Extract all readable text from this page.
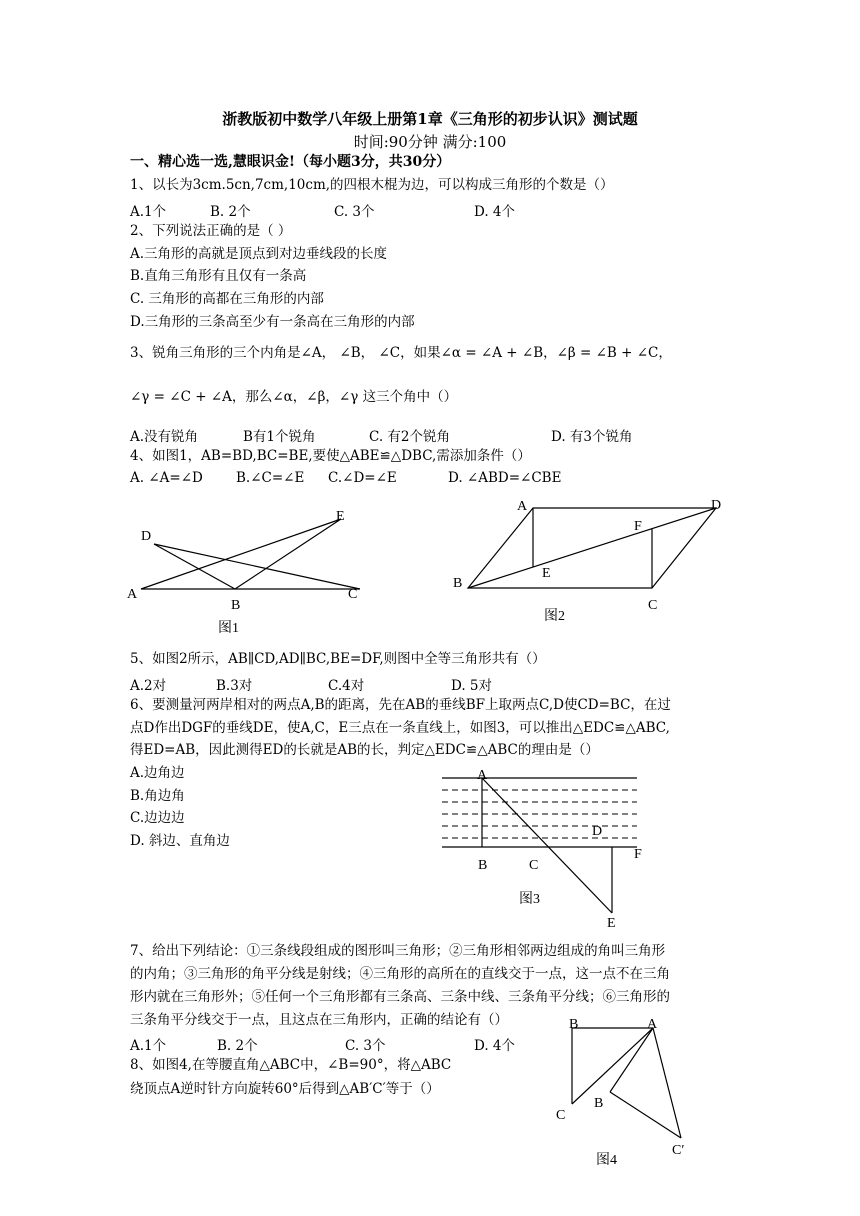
浙教版初中数学八年级上册第1章《三角形的初步认识》测试题
时间:90分钟 满分:100
一、精心选一选,慧眼识金!（每小题3分，共30分）
1、以长为3cm.5cn,7cm,10cm,的四根木棍为边，可以构成三角形的个数是（）
A.1个	B. 2个	C. 3个	D. 4个
2、下列说法正确的是（ ）
A.三角形的高就是顶点到对边垂线段的长度
B.直角三角形有且仅有一条高
C. 三角形的高都在三角形的内部
D.三角形的三条高至少有一条高在三角形的内部
3、锐角三角形的三个内角是∠A， ∠B， ∠C，如果∠α = ∠A + ∠B，∠β = ∠B + ∠C，
∠γ = ∠C + ∠A，那么∠α，∠β，∠γ 这三个角中（）
A.没有锐角	B有1个锐角	C. 有2个锐角	D. 有3个锐角
4、如图1，AB=BD,BC=BE,要使△ABE≌△DBC,需添加条件（）
A. ∠A=∠D B.∠C=∠E C.∠D=∠E	D. ∠ABD=∠CBE
D
E
A
B
C
图1
A	D
F
E
B
C
图2
5、如图2所示，AB∥CD,AD∥BC,BE=DF,则图中全等三角形共有（）
A.2对	B.3对	C.4对	D. 5对
6、要测量河两岸相对的两点A,B的距离，先在AB的垂线BF上取两点C,D使CD=BC，在过
点D作出DGF的垂线DE，使A,C，E三点在一条直线上，如图3，可以推出△EDC≌△ABC,
得ED=AB，因此测得ED的长就是AB的长，判定△EDC≌△ABC的理由是（）
A.边角边
B.角边角
C.边边边
D. 斜边、直角边
A
D
F
B	C
E
图3
7、给出下列结论：①三条线段组成的图形叫三角形；②三角形相邻两边组成的角叫三角形
的内角；③三角形的角平分线是射线；④三角形的高所在的直线交于一点，这一点不在三角
形内就在三角形外；⑤任何一个三角形都有三条高、三条中线、三条角平分线；⑥三角形的
三条角平分线交于一点，且这点在三角形内，正确的结论有（）
A.1个	B. 2个	C. 3个	D. 4个
8、如图4,在等腰直角△ABC中，∠B=90°，将△ABC
绕顶点A逆时针方向旋转60°后得到△AB′C′等于（）
B	A
B
C
C′
图4
